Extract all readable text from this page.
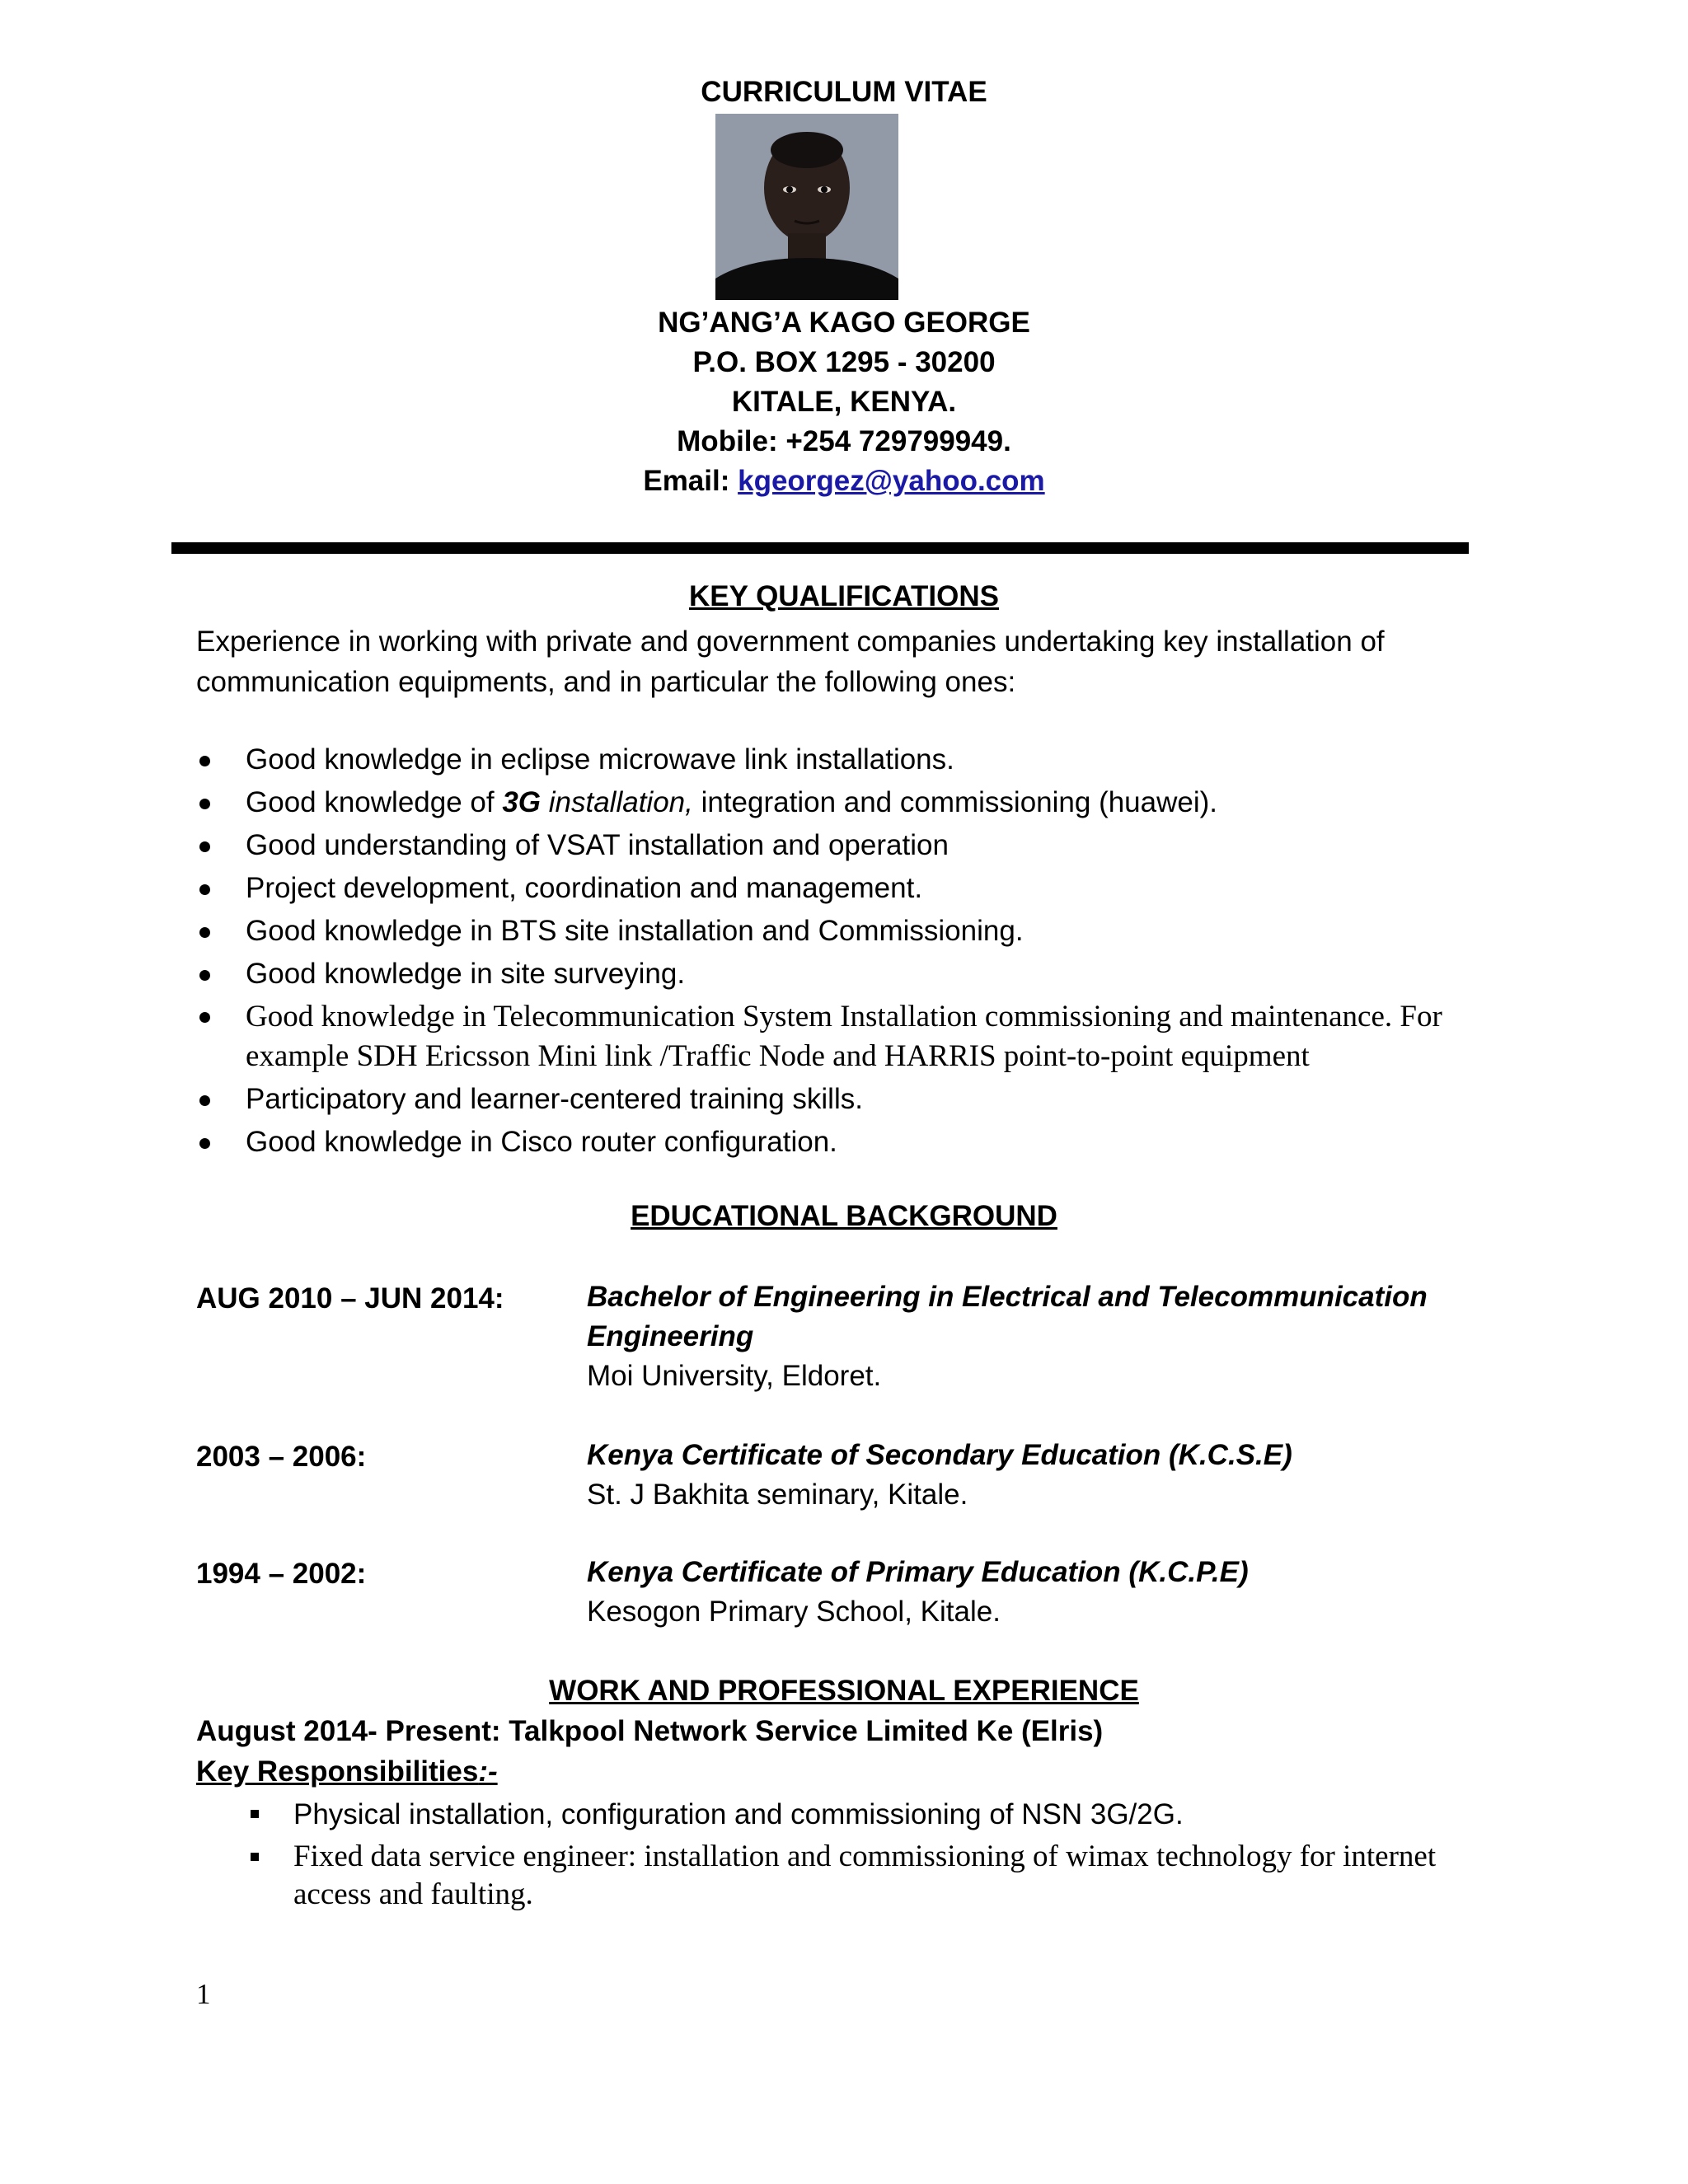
CURRICULUM VITAE
NG’ANG’A KAGO GEORGE
P.O. BOX 1295 - 30200
KITALE, KENYA.
Mobile: +254 729799949.
Email: kgeorgez@yahoo.com
KEY QUALIFICATIONS
Experience in working with private and government companies undertaking key installation of
communication equipments, and in particular the following ones:
Good knowledge in eclipse microwave link installations.
Good knowledge of 3G installation, integration and commissioning (huawei).
Good understanding of VSAT installation and operation
Project development, coordination and management.
Good knowledge in BTS site installation and Commissioning.
Good knowledge in site surveying.
Good knowledge in Telecommunication System Installation commissioning and maintenance. For
example SDH Ericsson Mini link /Traffic Node and HARRIS point-to-point equipment
Participatory and learner-centered training skills.
Good knowledge in Cisco router configuration.
EDUCATIONAL BACKGROUND
AUG 2010 – JUN 2014:	Bachelor of Engineering in Electrical and Telecommunication
Engineering
Moi University, Eldoret.
2003 – 2006:	Kenya Certificate of Secondary Education (K.C.S.E)
St. J Bakhita seminary, Kitale.
1994 – 2002:	Kenya Certificate of Primary Education (K.C.P.E)
Kesogon Primary School, Kitale.
WORK AND PROFESSIONAL EXPERIENCE
August 2014- Present: Talkpool Network Service Limited Ke (Elris)
Key Responsibilities:-
Physical installation, configuration and commissioning of NSN 3G/2G.
Fixed data service engineer: installation and commissioning of wimax technology for internet
access and faulting.
1
